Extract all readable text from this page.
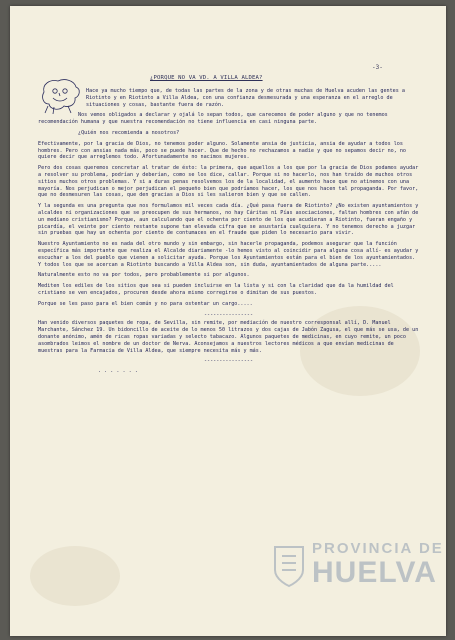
-3-
¿PORQUE NO VA VD. A VILLA ALDEA?

Hace ya mucho tiempo que, de todas las partes de la zona y de otras muchas de Huelva acuden las gentes a Riotinto y en Riotinto a Villa Aldea, con una confianza desmesurada y una esperanza en el arreglo de situaciones y cosas, bastante fuera de razón.

Nos vemos obligados a declarar y ojalá lo sepan todos, que carecemos de poder alguno y que no tenemos recomendación humana y que nuestra recomendación no tiene influencia en casi ninguna parte.

¿Quién nos recomienda a nosotros?

Efectivamente, por la gracia de Dios, no tenemos poder alguno. Solamente ansia de justicia, ansia de ayudar a todos los hombres. Pero con ansias nada más, poco se puede hacer. Que de hecho no rechazamos a nadie y que no sepamos decir no, no quiere decir que arreglemos todo. Afortunadamente no nacimos mujeres.

Pero dos cosas queremos concretar al tratar de ésto: la primera, que aquellos a los que por la gracia de Dios podamos ayudar a resolver su problema, podrían y deberían, como se los dice, callar. Porque si no hacerlo, nos han traído de muchos otros sitios muchos otros problemas. Y si a duras penas resolvemos los de la localidad, el aumento hace que no atinemos con una mayoría. Nos perjudican o mejor perjudican el pequeño bien que podríamos hacer, los que nos hacen tal propaganda. Por favor, que no desmesuren las cosas, que den gracias a Dios si les salieron bien y que se callen.

Y la segunda es una pregunta que nos formulamos mil veces cada día. ¿Qué pasa fuera de Riotinto? ¿No existen ayuntamientos y alcaldes ni organizaciones que se preocupen de sus hermanos, no hay Cáritas ni Pías asociaciones, faltan hombres con afán de un mediano cristianismo? Porque, aun calculando que el ochenta por ciento de los que acudieran a Riotinto, fueran engaño y picardía, el veinte por ciento restante supone tan elevada cifra que se asustaría cualquiera. Y no tenemos derecho a juzgar sin pruebas que hay un ochenta por ciento de contumaces en el fraude que piden lo necesario para vivir.

Nuestro Ayuntamiento no es nada del otro mundo y sin embargo, sin hacerle propaganda, podemos asegurar que la función específica más importante que realiza el Alcalde diariamente -lo hemos visto al coincidir para alguna cosa allí- es ayudar y escuchar a los del pueblo que vienen a solicitar ayuda. Porque los Ayuntamientos están para el bien de los ayuntamientados. Y todos los que se acercan a Riotinto buscando a Villa Aldea son, sin duda, ayuntamientados de alguna parte.....

Naturalmente esto no va por todos, pero probablemente si por algunos.

Mediten los ediles de los sitios que sea si pueden incluirse en la lista y si con la claridad que da la humildad del cristiano se ven encajados, procuren desde ahora mismo corregirse o dimitan de sus puestos.

Porque se les paso para el bien común y no para ostentar un cargo.....

----------------

Han venido diversos paquetes de ropa, de Sevilla, sin remite, por mediación de nuestro corresponsal allí, D. Manuel Marchante, Sánchez 19. Un bidoncillo de aceite de lo menos 50 litrazos y dos cajas de Jabón Zagusa, el que más se usa, de un donante anónimo, amén de ricas ropas variadas y selecto tabacazo. Algunos paquetes de medicinas, en cuyo remite, un poco asombrados leimos el nombre de un doctor de Nerva. Aconsejamos a nuestros lectores médicos a que envían medicinas de muestras para la Farmacia de Villa Aldea, que siempre necesita más y más.

----------------
. . . . . . .
PROVINCIA DE
HUELVA
